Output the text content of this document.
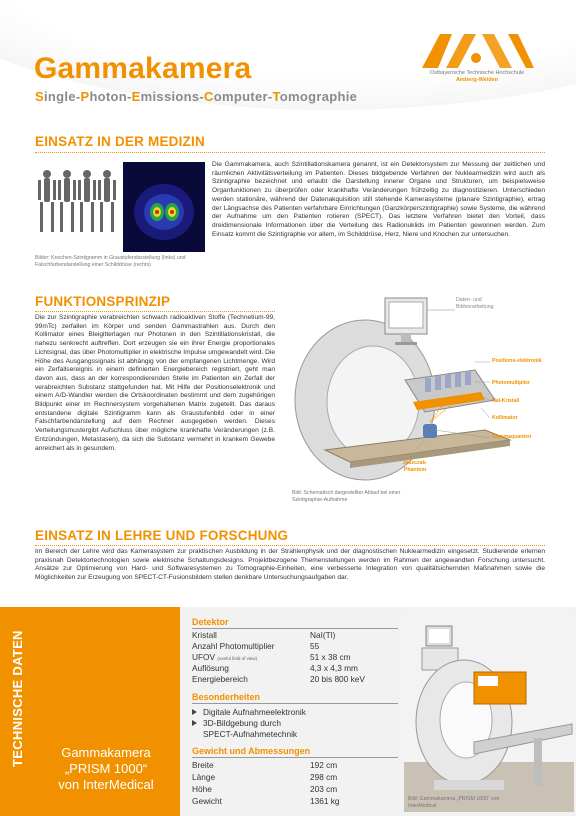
Gammakamera
Single-Photon-Emissions-Computer-Tomographie
Ostbayerische Technische Hochschule
Amberg-Weiden
EINSATZ IN DER MEDIZIN
Bilder: Knochen-Szintigramm in Graustufendarstellung (links) und Falschfarbendarstellung einer Schilddrüse (rechts)
Die Gammakamera, auch Szintillationskamera genannt, ist ein Detektorsystem zur Messung der zeitlichen und räumlichen Aktivitätsverteilung im Patienten. Dieses bildgebende Verfahren der Nuklearmedizin wird auch als Szintigraphie bezeichnet und erlaubt die Darstellung innerer Organe und Strukturen, um beispielsweise Organfunktionen zu überprüfen oder krankhafte Veränderungen frühzeitig zu diagnostizieren. Unterschieden werden stationäre, während der Datenakquisition still stehende Kamerasysteme (planare Szintigraphie), ertrag der Längsachse des Patienten verfahrbare Einrichtungen (Ganzkörperszintigraphie) sowie Systeme, die während der Aufnahme um den Patienten rotieren (SPECT). Das letztere Verfahren bietet den Vorteil, dass dreidimensionale Informationen über die Verteilung des Radionuklids im Patienten gewonnen werden. Zum Einsatz kommt die Szintigraphie vor allem, im Schilddrüse, Herz, Niere und Knochen zur untersuchen.
FUNKTIONSPRINZIP
Die zur Szintigraphie verabreichten schwach radioaktiven Stoffe (Technetium-99, 99mTc) zerfallen im Körper und senden Gammastrahlen aus. Durch den Kollimator eines Bleigitterlagen nur Photonen in den Szintillationskristall, die nahezu senkrecht auftreffen. Dort erzeugen sie ein ihrer Energie proportionales Lichtsignal, das über Photomultiplier in elektrische Impulse umgewandelt wird. Die Höhe des Ausgangssignals ist abhängig von der empfangenen Lichtmenge. Wird ein Zerfallsereignis in einem definierten Energiebereich registriert, geht man davon aus, dass an der korrespondierenden Stelle im Patienten ein Zerfall der verabreichten Substanz stattgefunden hat. Mit Hilfe der Positionselektronik und einem A/D-Wandler werden die Ortskoordinaten bestimmt und dem zugehörigen Bildpunkt einer im Rechnersystem vorgehaltenen Matrix zugeteilt. Das daraus entstandene digitale Szintigramm kann als Graustufenbild oder in einer Falschfarbendarstellung auf dem Rechner ausgegeben werden. Dieses Verteilungsmustergibt Aufschluss über mögliche krankhafte Veränderungen (z.B. Entzündungen, Metastasen), da sich die Substanz vermehrt in krankem Gewebe anreichert als in gesundem.
Daten- und Bildverarbeitung
Positions-elektronik
Photomultiplier
NaI-Kristall
Kollimator
Gammaquanten
Jaszczak-Phantom
Bild: Schematisch dargestellter Ablauf bei einer Szintigraphie-Aufnahme
EINSATZ IN LEHRE UND FORSCHUNG
Im Bereich der Lehre wird das Kamerasystem zur praktischen Ausbildung in der Strahlenphysik und der diagnostischen Nuklearmedizin eingesetzt. Studierende erlernen praxisnah Detektortechnologien sowie elektrische Schaltungsdesigns. Projektbezogene Themenstellungen werden im Rahmen der angewandten Forschung untersucht. Ansätze zur Optimierung von Hard- und Softwaresystemen zu Tomographie-Einheiten, eine verbesserte Integration von qualitätsichernden Maßnahmen sowie die Möglichkeiten zur Erzeugung von SPECT-CT-Fusionsbildern stellen denkbare Untersuchungsaufgaben dar.
TECHNISCHE DATEN	Gammakamera
„PRISM 1000“
von InterMedical
Detektor
Kristall	NaI(Tl)
Anzahl Photomultiplier	55
UFOV (useful field of view)	51 x 38 cm
Auflösung	4,3 x 4,3 mm
Energiebereich	20 bis 800 keV
Besonderheiten
Digitale Aufnahmeelektronik
3D-Bildgebung durch
SPECT-Aufnahmetechnik
Gewicht und Abmessungen
Breite	192 cm
Länge	298 cm
Höhe	203 cm
Gewicht	1361 kg	Bild: Gammakamera „PRISM 1000“ von InterMedical
